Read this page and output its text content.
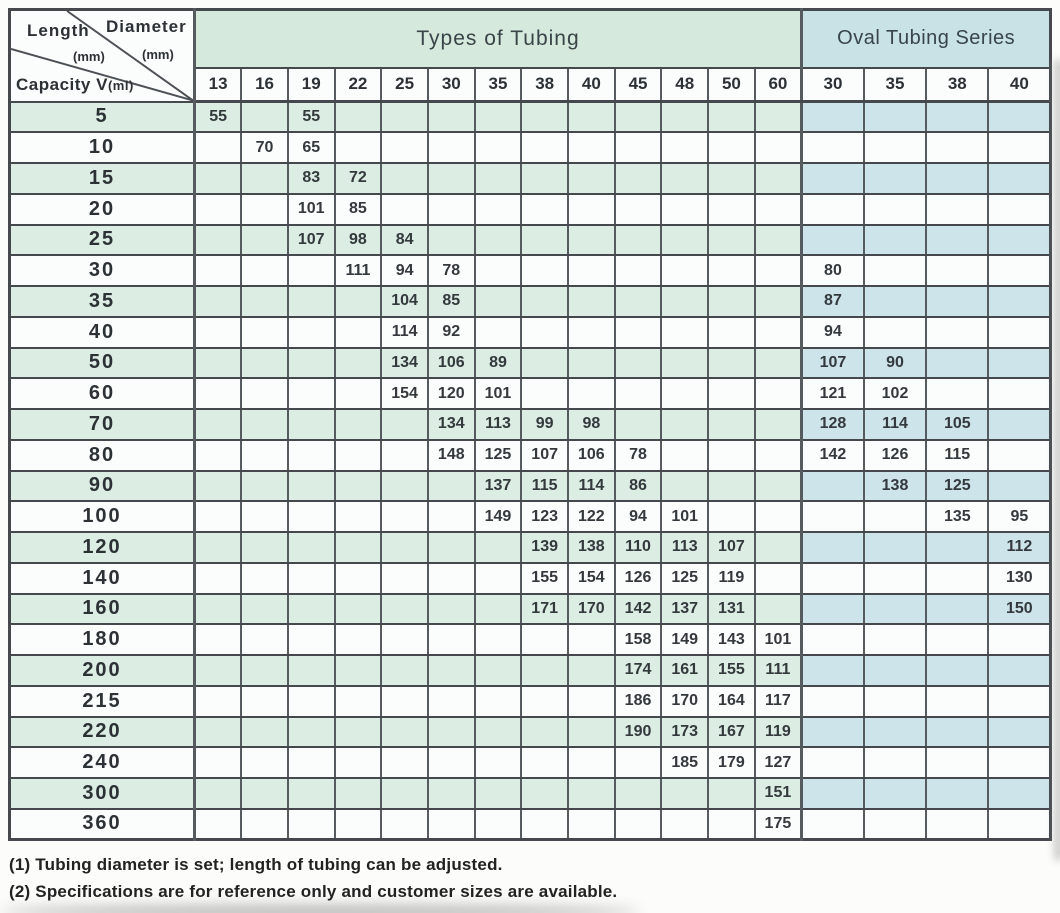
Length
(mm)
Diameter
(mm)
Capacity V(ml)	Types of Tubing													Oval Tubing Series			
	13	16	19	22	25	30	35	38	40	45	48	50	60	30	35	38	40
5	55		55														
10		70	65														
15			83	72													
20			101	85													
25			107	98	84												
30				111	94	78								80			
35					104	85								87			
40					114	92								94			
50					134	106	89							107	90		
60					154	120	101							121	102		
70						134	113	99	98					128	114	105	
80						148	125	107	106	78				142	126	115	
90							137	115	114	86					138	125	
100							149	123	122	94	101					135	95
120								139	138	110	113	107					112
140								155	154	126	125	119					130
160								171	170	142	137	131					150
180										158	149	143	101				
200										174	161	155	111				
215										186	170	164	117				
220										190	173	167	119				
240											185	179	127				
300													151				
360													175				
(1) Tubing diameter is set; length of tubing can be adjusted.
(2) Specifications are for reference only and customer sizes are available.
